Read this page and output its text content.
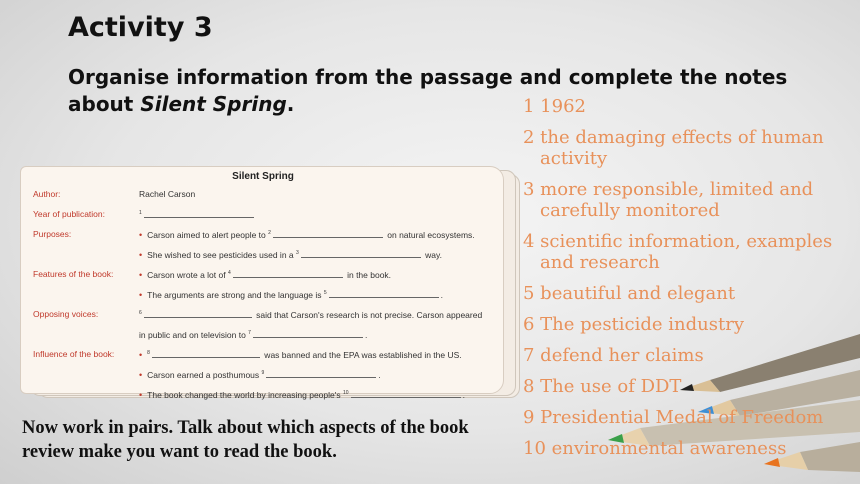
Activity 3
Organise information from the passage and complete the notes about Silent Spring.
Silent Spring
Author:	Rachel Carson
Year of publication:	$^1$
Purposes:	• Carson aimed to alert people to $^2$	on natural ecosystems.
• She wished to see pesticides used in a $^3$	way.
Features of the book:	• Carson wrote a lot of $^4$	in the book.
• The arguments are strong and the language is $^5$	.
Opposing voices:	$^6$	said that Carson's research is not precise. Carson appeared
in public and on television to $^7$	.
Influence of the book:	• $^8$	was banned and the EPA was established in the US.
• Carson earned a posthumous $^9$	.
• The book changed the world by increasing people's $^{10}$	.
1 1962
2 the damaging effects of human activity
3 more responsible, limited and carefully monitored
4 scientific information, examples and research
5 beautiful and elegant
6 The pesticide industry
7 defend her claims
8 The use of DDT
9 Presidential Medal of Freedom
10 environmental awareness
Now work in pairs. Talk about which aspects of the book review make you want to read the book.
